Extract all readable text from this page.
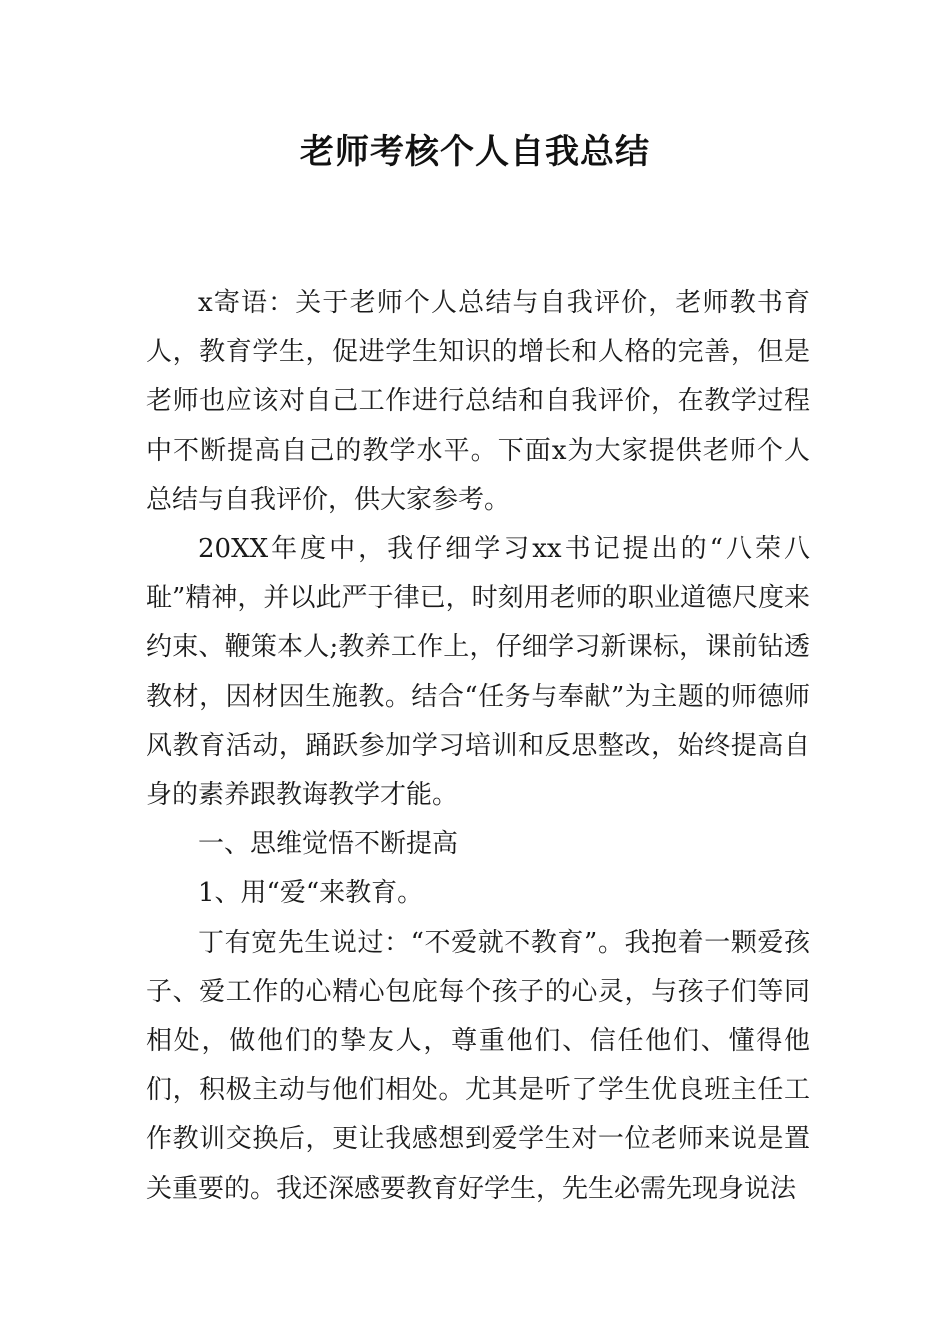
老师考核个人自我总结

x寄语：关于老师个人总结与自我评价，老师教书育人，教育学生，促进学生知识的增长和人格的完善，但是老师也应该对自己工作进行总结和自我评价，在教学过程中不断提高自己的教学水平。下面x为大家提供老师个人总结与自我评价，供大家参考。

20XX年度中，我仔细学习xx书记提出的“八荣八耻”精神，并以此严于律已，时刻用老师的职业道德尺度来约束、鞭策本人;教养工作上，仔细学习新课标，课前钻透教材，因材因生施教。结合“任务与奉献”为主题的师德师风教育活动，踊跃参加学习培训和反思整改，始终提高自身的素养跟教诲教学才能。

一、思维觉悟不断提高

1、用“爱“来教育。

丁有宽先生说过：“不爱就不教育”。我抱着一颗爱孩子、爱工作的心精心包庇每个孩子的心灵，与孩子们等同相处，做他们的挚友人，尊重他们、信任他们、懂得他们，积极主动与他们相处。尤其是听了学生优良班主任工作教训交换后，更让我感想到爱学生对一位老师来说是置关重要的。我还深感要教育好学生，先生必需先现身说法
